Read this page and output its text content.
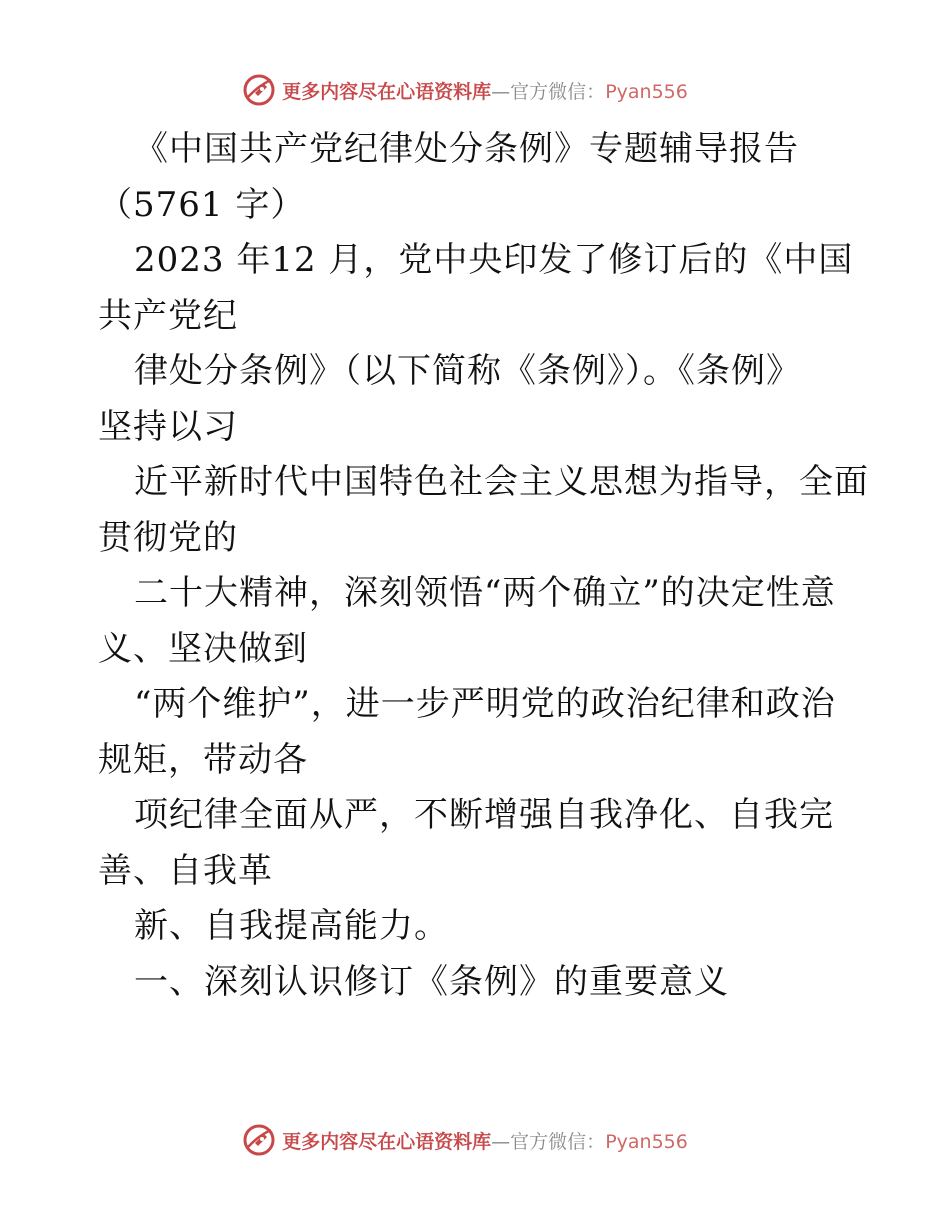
更多内容尽在心语资料库—官方微信：Pyan556
《中国共产党纪律处分条例》专题辅导报告
（5761 字）
2023 年12 月，党中央印发了修订后的《中国
共产党纪
律处分条例》（以下简称《条例》）。《条例》
坚持以习
近平新时代中国特色社会主义思想为指导，全面
贯彻党的
二十大精神，深刻领悟“两个确立”的决定性意
义、坚决做到
“两个维护”，进一步严明党的政治纪律和政治
规矩，带动各
项纪律全面从严，不断增强自我净化、自我完
善、自我革
新、自我提高能力。
一、深刻认识修订《条例》的重要意义
更多内容尽在心语资料库—官方微信：Pyan556
